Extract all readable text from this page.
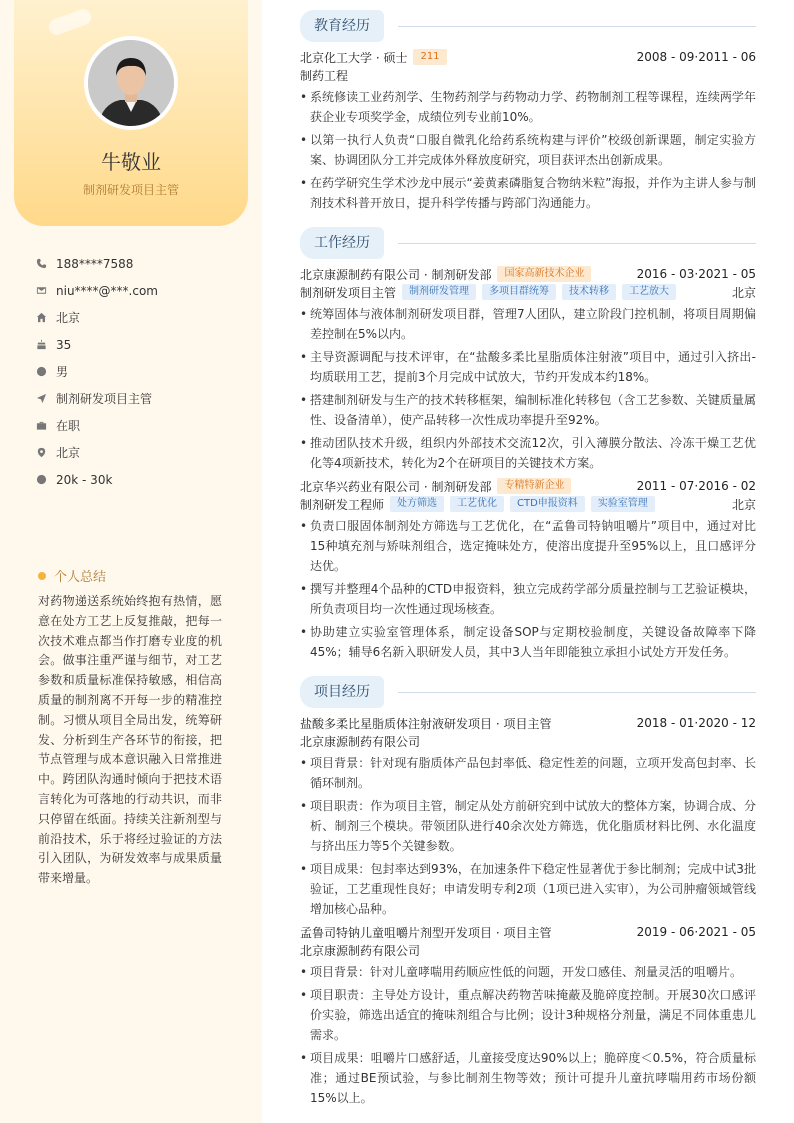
牛敬业
制剂研发项目主管
188****7588
niu****@***.com
北京
35
男
制剂研发项目主管
在职
北京
20k - 30k
个人总结
对药物递送系统始终抱有热情，愿意在处方工艺上反复推敲，把每一次技术难点都当作打磨专业度的机会。做事注重严谨与细节，对工艺参数和质量标准保持敏感，相信高质量的制剂离不开每一步的精准控制。习惯从项目全局出发，统筹研发、分析到生产各环节的衔接，把节点管理与成本意识融入日常推进中。跨团队沟通时倾向于把技术语言转化为可落地的行动共识，而非只停留在纸面。持续关注新剂型与前沿技术，乐于将经过验证的方法引入团队，为研发效率与成果质量带来增量。
教育经历
北京化工大学 · 硕士	211	2008 - 09·2011 - 06
制药工程
• 系统修读工业药剂学、生物药剂学与药物动力学、药物制剂工程等课程，连续两学年获企业专项奖学金，成绩位列专业前10%。
• 以第一执行人负责“口服自微乳化给药系统构建与评价”校级创新课题，制定实验方案、协调团队分工并完成体外释放度研究，项目获评杰出创新成果。
• 在药学研究生学术沙龙中展示“姜黄素磷脂复合物纳米粒”海报，并作为主讲人参与制剂技术科普开放日，提升科学传播与跨部门沟通能力。
工作经历
北京康源制药有限公司 · 制剂研发部	国家高新技术企业	2016 - 03·2021 - 05
制剂研发项目主管	制剂研发管理	多项目群统筹	技术转移	工艺放大	北京
• 统筹固体与液体制剂研发项目群，管理7人团队，建立阶段门控机制，将项目周期偏差控制在5%以内。
• 主导资源调配与技术评审，在“盐酸多柔比星脂质体注射液”项目中，通过引入挤出-均质联用工艺，提前3个月完成中试放大，节约开发成本约18%。
• 搭建制剂研发与生产的技术转移框架，编制标准化转移包（含工艺参数、关键质量属性、设备清单），使产品转移一次性成功率提升至92%。
• 推动团队技术升级，组织内外部技术交流12次，引入薄膜分散法、冷冻干燥工艺优化等4项新技术，转化为2个在研项目的关键技术方案。
北京华兴药业有限公司 · 制剂研发部	专精特新企业	2011 - 07·2016 - 02
制剂研发工程师	处方筛选	工艺优化	CTD申报资料	实验室管理	北京
• 负责口服固体制剂处方筛选与工艺优化，在“孟鲁司特钠咀嚼片”项目中，通过对比15种填充剂与矫味剂组合，选定掩味处方，使溶出度提升至95%以上，且口感评分达优。
• 撰写并整理4个品种的CTD申报资料，独立完成药学部分质量控制与工艺验证模块，所负责项目均一次性通过现场核查。
• 协助建立实验室管理体系，制定设备SOP与定期校验制度，关键设备故障率下降45%；辅导6名新入职研发人员，其中3人当年即能独立承担小试处方开发任务。
项目经历
盐酸多柔比星脂质体注射液研发项目 · 项目主管	2018 - 01·2020 - 12
北京康源制药有限公司
• 项目背景：针对现有脂质体产品包封率低、稳定性差的问题，立项开发高包封率、长循环制剂。
• 项目职责：作为项目主管，制定从处方前研究到中试放大的整体方案，协调合成、分析、制剂三个模块。带领团队进行40余次处方筛选，优化脂质材料比例、水化温度与挤出压力等5个关键参数。
• 项目成果：包封率达到93%，在加速条件下稳定性显著优于参比制剂；完成中试3批验证，工艺重现性良好；申请发明专利2项（1项已进入实审），为公司肿瘤领域管线增加核心品种。
孟鲁司特钠儿童咀嚼片剂型开发项目 · 项目主管	2019 - 06·2021 - 05
北京康源制药有限公司
• 项目背景：针对儿童哮喘用药顺应性低的问题，开发口感佳、剂量灵活的咀嚼片。
• 项目职责：主导处方设计，重点解决药物苦味掩蔽及脆碎度控制。开展30次口感评价实验，筛选出适宜的掩味剂组合与比例；设计3种规格分剂量，满足不同体重患儿需求。
• 项目成果：咀嚼片口感舒适，儿童接受度达90%以上；脆碎度＜0.5%，符合质量标准；通过BE预试验，与参比制剂生物等效；预计可提升儿童抗哮喘用药市场份额15%以上。
